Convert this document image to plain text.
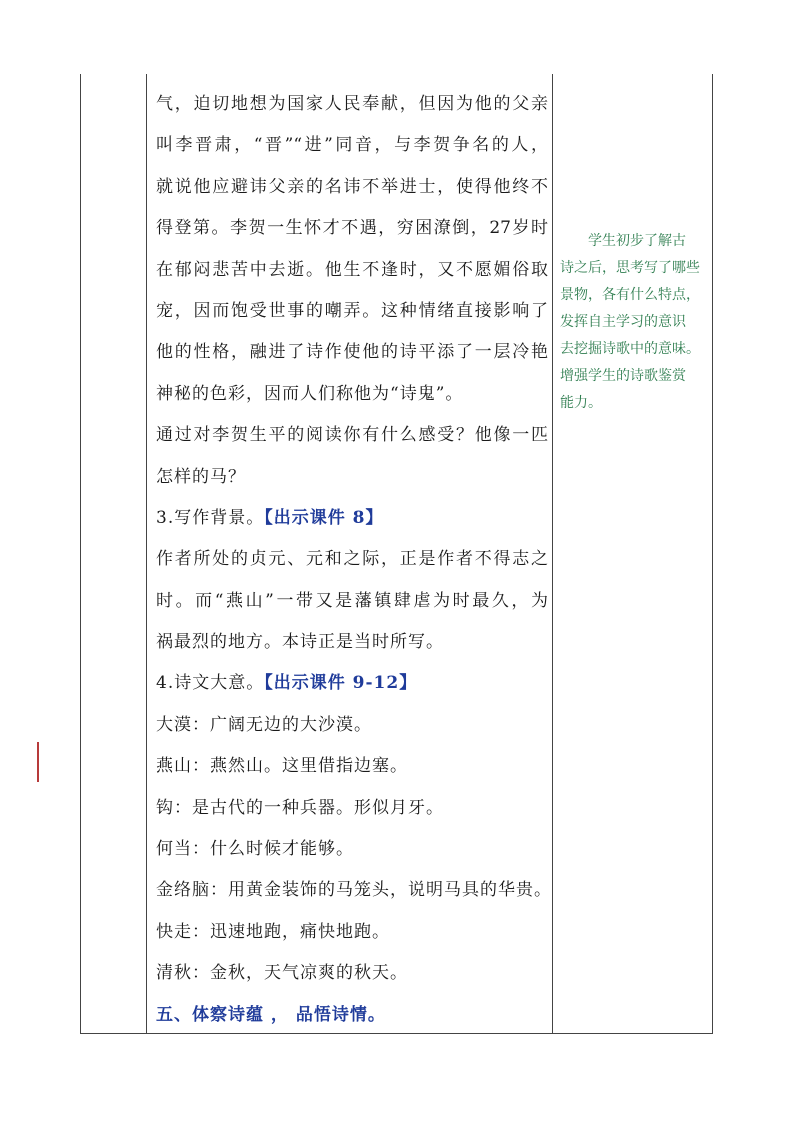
气，迫切地想为国家人民奉献，但因为他的父亲
叫李晋肃，“晋”“进”同音，与李贺争名的人，
就说他应避讳父亲的名讳不举进士，使得他终不
得登第。李贺一生怀才不遇，穷困潦倒，27岁时
在郁闷悲苦中去逝。他生不逢时，又不愿媚俗取
宠，因而饱受世事的嘲弄。这种情绪直接影响了
他的性格，融进了诗作使他的诗平添了一层冷艳
神秘的色彩，因而人们称他为“诗鬼”。
通过对李贺生平的阅读你有什么感受？他像一匹
怎样的马？
3.写作背景。【出示课件 8】
作者所处的贞元、元和之际，正是作者不得志之
时。而“燕山”一带又是藩镇肆虐为时最久，为
祸最烈的地方。本诗正是当时所写。
4.诗文大意。【出示课件 9-12】
大漠：广阔无边的大沙漠。
燕山：燕然山。这里借指边塞。
钩：是古代的一种兵器。形似月牙。
何当：什么时候才能够。
金络脑：用黄金装饰的马笼头，说明马具的华贵。
快走：迅速地跑，痛快地跑。
清秋：金秋，天气凉爽的秋天。
五、体察诗蕴 ， 品悟诗情。
学生初步了解古
诗之后，思考写了哪些
景物，各有什么特点，
发挥自主学习的意识
去挖掘诗歌中的意味。
增强学生的诗歌鉴赏
能力。
